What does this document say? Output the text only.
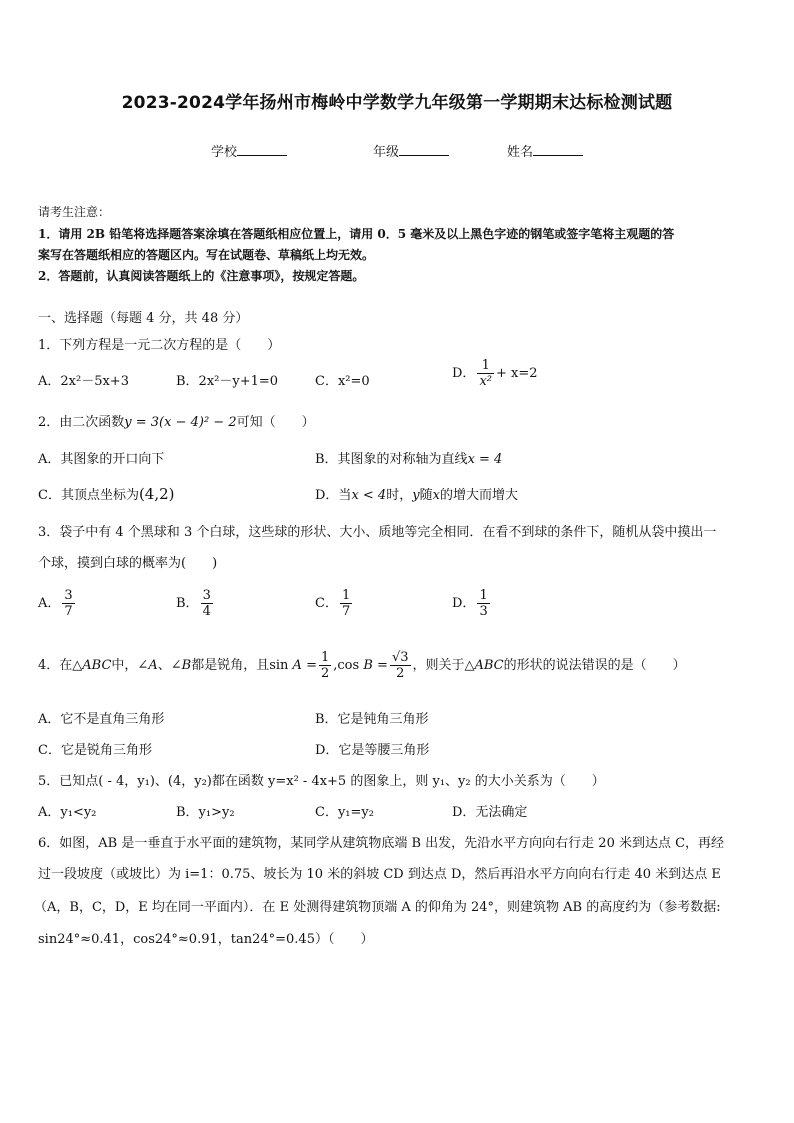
2023-2024学年扬州市梅岭中学数学九年级第一学期期末达标检测试题
学校	年级	姓名
请考生注意：
1．请用 2B 铅笔将选择题答案涂填在答题纸相应位置上，请用 0．5 毫米及以上黑色字迹的钢笔或签字笔将主观题的答
案写在答题纸相应的答题区内。写在试题卷、草稿纸上均无效。
2．答题前，认真阅读答题纸上的《注意事项》，按规定答题。
一、选择题（每题 4 分，共 48 分）
1．下列方程是一元二次方程的是（　　）
A．2x²－5x+3	B．2x²－y+1=0	C．x²=0
D． $\frac{1}{\text{x²}} + x=2$
2．由二次函数y = 3(x − 4)² − 2可知（　　）
A．其图象的开口向下	B．其图象的对称轴为直线x = 4
C．其顶点坐标为(4,2)	D．当x < 4时，y随x的增大而增大
3．袋子中有 4 个黑球和 3 个白球，这些球的形状、大小、质地等完全相同．在看不到球的条件下，随机从袋中摸出一
个球，摸到白球的概率为(　　)
A． $\frac{3}{7}$	B． $\frac{3}{4}$	C． $\frac{1}{7}$	D． $\frac{1}{3}$
4．在△ABC中，∠A、∠B都是锐角，且$\sin A = \frac{1}{2} ,\cos$ $B = \frac{√3}{2}$ ，则关于△ABC的形状的说法错误的是（　　）
A．它不是直角三角形	B．它是钝角三角形
C．它是锐角三角形	D．它是等腰三角形
5．已知点( - 4，y₁)、(4，y₂)都在函数 y=x² - 4x+5 的图象上，则 y₁、y₂ 的大小关系为（　　）
A．y₁<y₂	B．y₁>y₂	C．y₁=y₂	D．无法确定
6．如图，AB 是一垂直于水平面的建筑物，某同学从建筑物底端 B 出发，先沿水平方向向右行走 20 米到达点 C，再经
过一段坡度（或坡比）为 i=1：0.75、坡长为 10 米的斜坡 CD 到达点 D，然后再沿水平方向向右行走 40 米到达点 E
（A，B，C，D，E 均在同一平面内）．在 E 处测得建筑物顶端 A 的仰角为 24°，则建筑物 AB 的高度约为（参考数据:
sin24°≈0.41，cos24°≈0.91，tan24°=0.45）（　　）
